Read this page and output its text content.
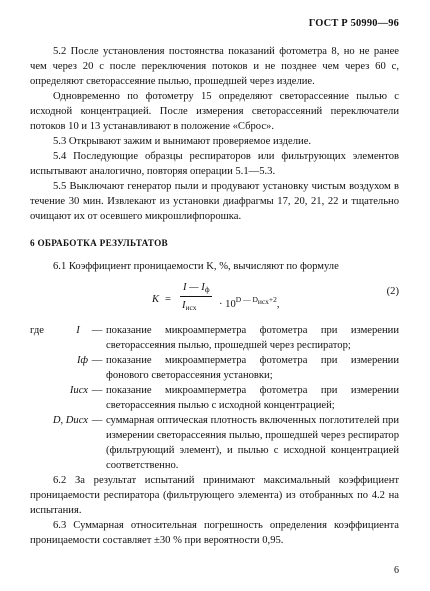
ГОСТ Р 50990—96

5.2 После установления постоянства показаний фотометра 8, но не ранее чем через 20 с после переключения потоков и не позднее чем через 60 с, определяют светорассеяние пылью, прошедшей через изделие.

Одновременно по фотометру 15 определяют светорассеяние пылью с исходной концентрацией. После измерения светорассеяний переключатели потоков 10 и 13 устанавливают в положение «Сброс».

5.3 Открывают зажим и вынимают проверяемое изделие.

5.4 Последующие образцы респираторов или фильтрующих элементов испытывают аналогично, повторяя операции 5.1—5.3.

5.5 Выключают генератор пыли и продувают установку чистым воздухом в течение 30 мин. Извлекают из установки диафрагмы 17, 20, 21, 22 и тщательно очищают их от осевшего микрошлифпорошка.

6 ОБРАБОТКА РЕЗУЛЬТАТОВ

6.1 Коэффициент проницаемости K, %, вычисляют по формуле

K =
I — Iф
Iисх · $10^{D — Dисх+2}$,
(2)
где	I	— показание микроамперметра фотометра при измерении светорассеяния пылью, прошедшей через респиратор;
Iф — показание микроамперметра фотометра при измерении фонового светорассеяния установки;
Iисх — показание микроамперметра фотометра при измерении светорассеяния пылью с исходной концентрацией;
D, Dисх — суммарная оптическая плотность включенных поглотителей при измерении светорассеяния пылью, прошедшей через респиратор (фильтрующий элемент), и пылью с исходной концентрацией соответственно.

6.2 За результат испытаний принимают максимальный коэффициент проницаемости респиратора (фильтрующего элемента) из отобранных по 4.2 на испытания.

6.3 Суммарная относительная погрешность определения коэффициента проницаемости составляет ±30 % при вероятности 0,95.

6
